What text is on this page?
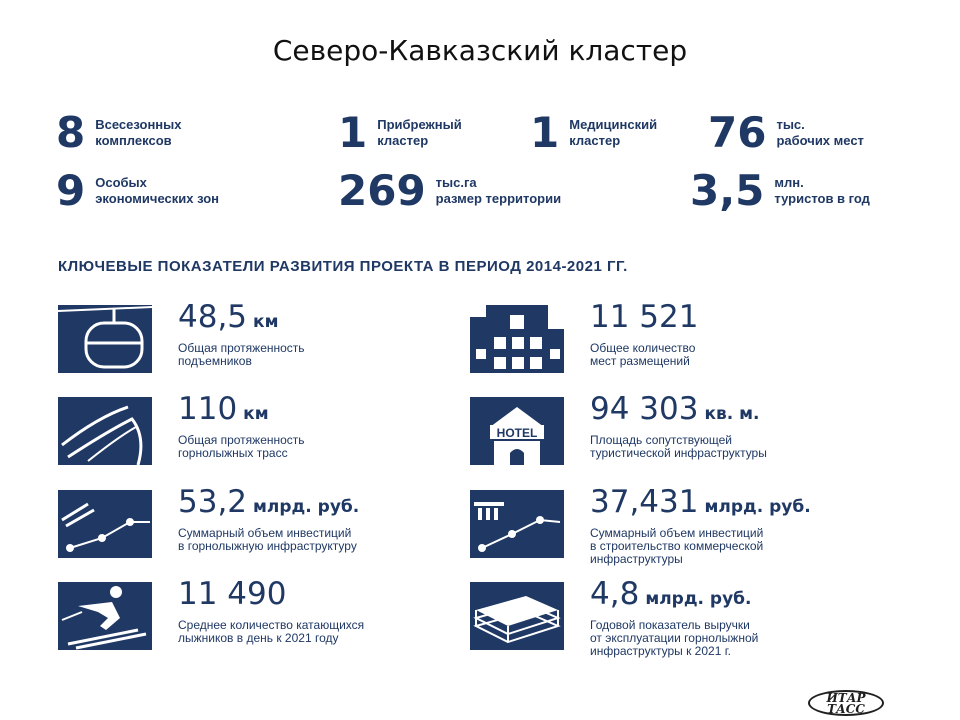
Северо-Кавказский кластер
8 Всесезонных
комплексов	1 Прибрежный
кластер	1 Медицинский
кластер	76 тыс.
рабочих мест
9 Особых
экономических зон	269 тыс.га
размер территории	3,5 млн.
туристов в год
КЛЮЧЕВЫЕ ПОКАЗАТЕЛИ РАЗВИТИЯ ПРОЕКТА В ПЕРИОД 2014-2021 ГГ.
48,5 км
Общая протяженность
подъемников
11 521
Общее количество
мест размещений
110 км
Общая протяженность
горнолыжных трасс
HOTEL
94 303 кв. м.
Площадь сопутствующей
туристической инфраструктуры
53,2 млрд. руб.
Суммарный объем инвестиций
в горнолыжную инфраструктуру
37,431 млрд. руб.
Суммарный объем инвестиций
в строительство коммерческой
инфраструктуры
11 490
Среднее количество катающихся
лыжников в день к 2021 году
4,8 млрд. руб.
Годовой показатель выручки
от эксплуатации горнолыжной
инфраструктуры к 2021 г.
ИТАР
ТАСС
